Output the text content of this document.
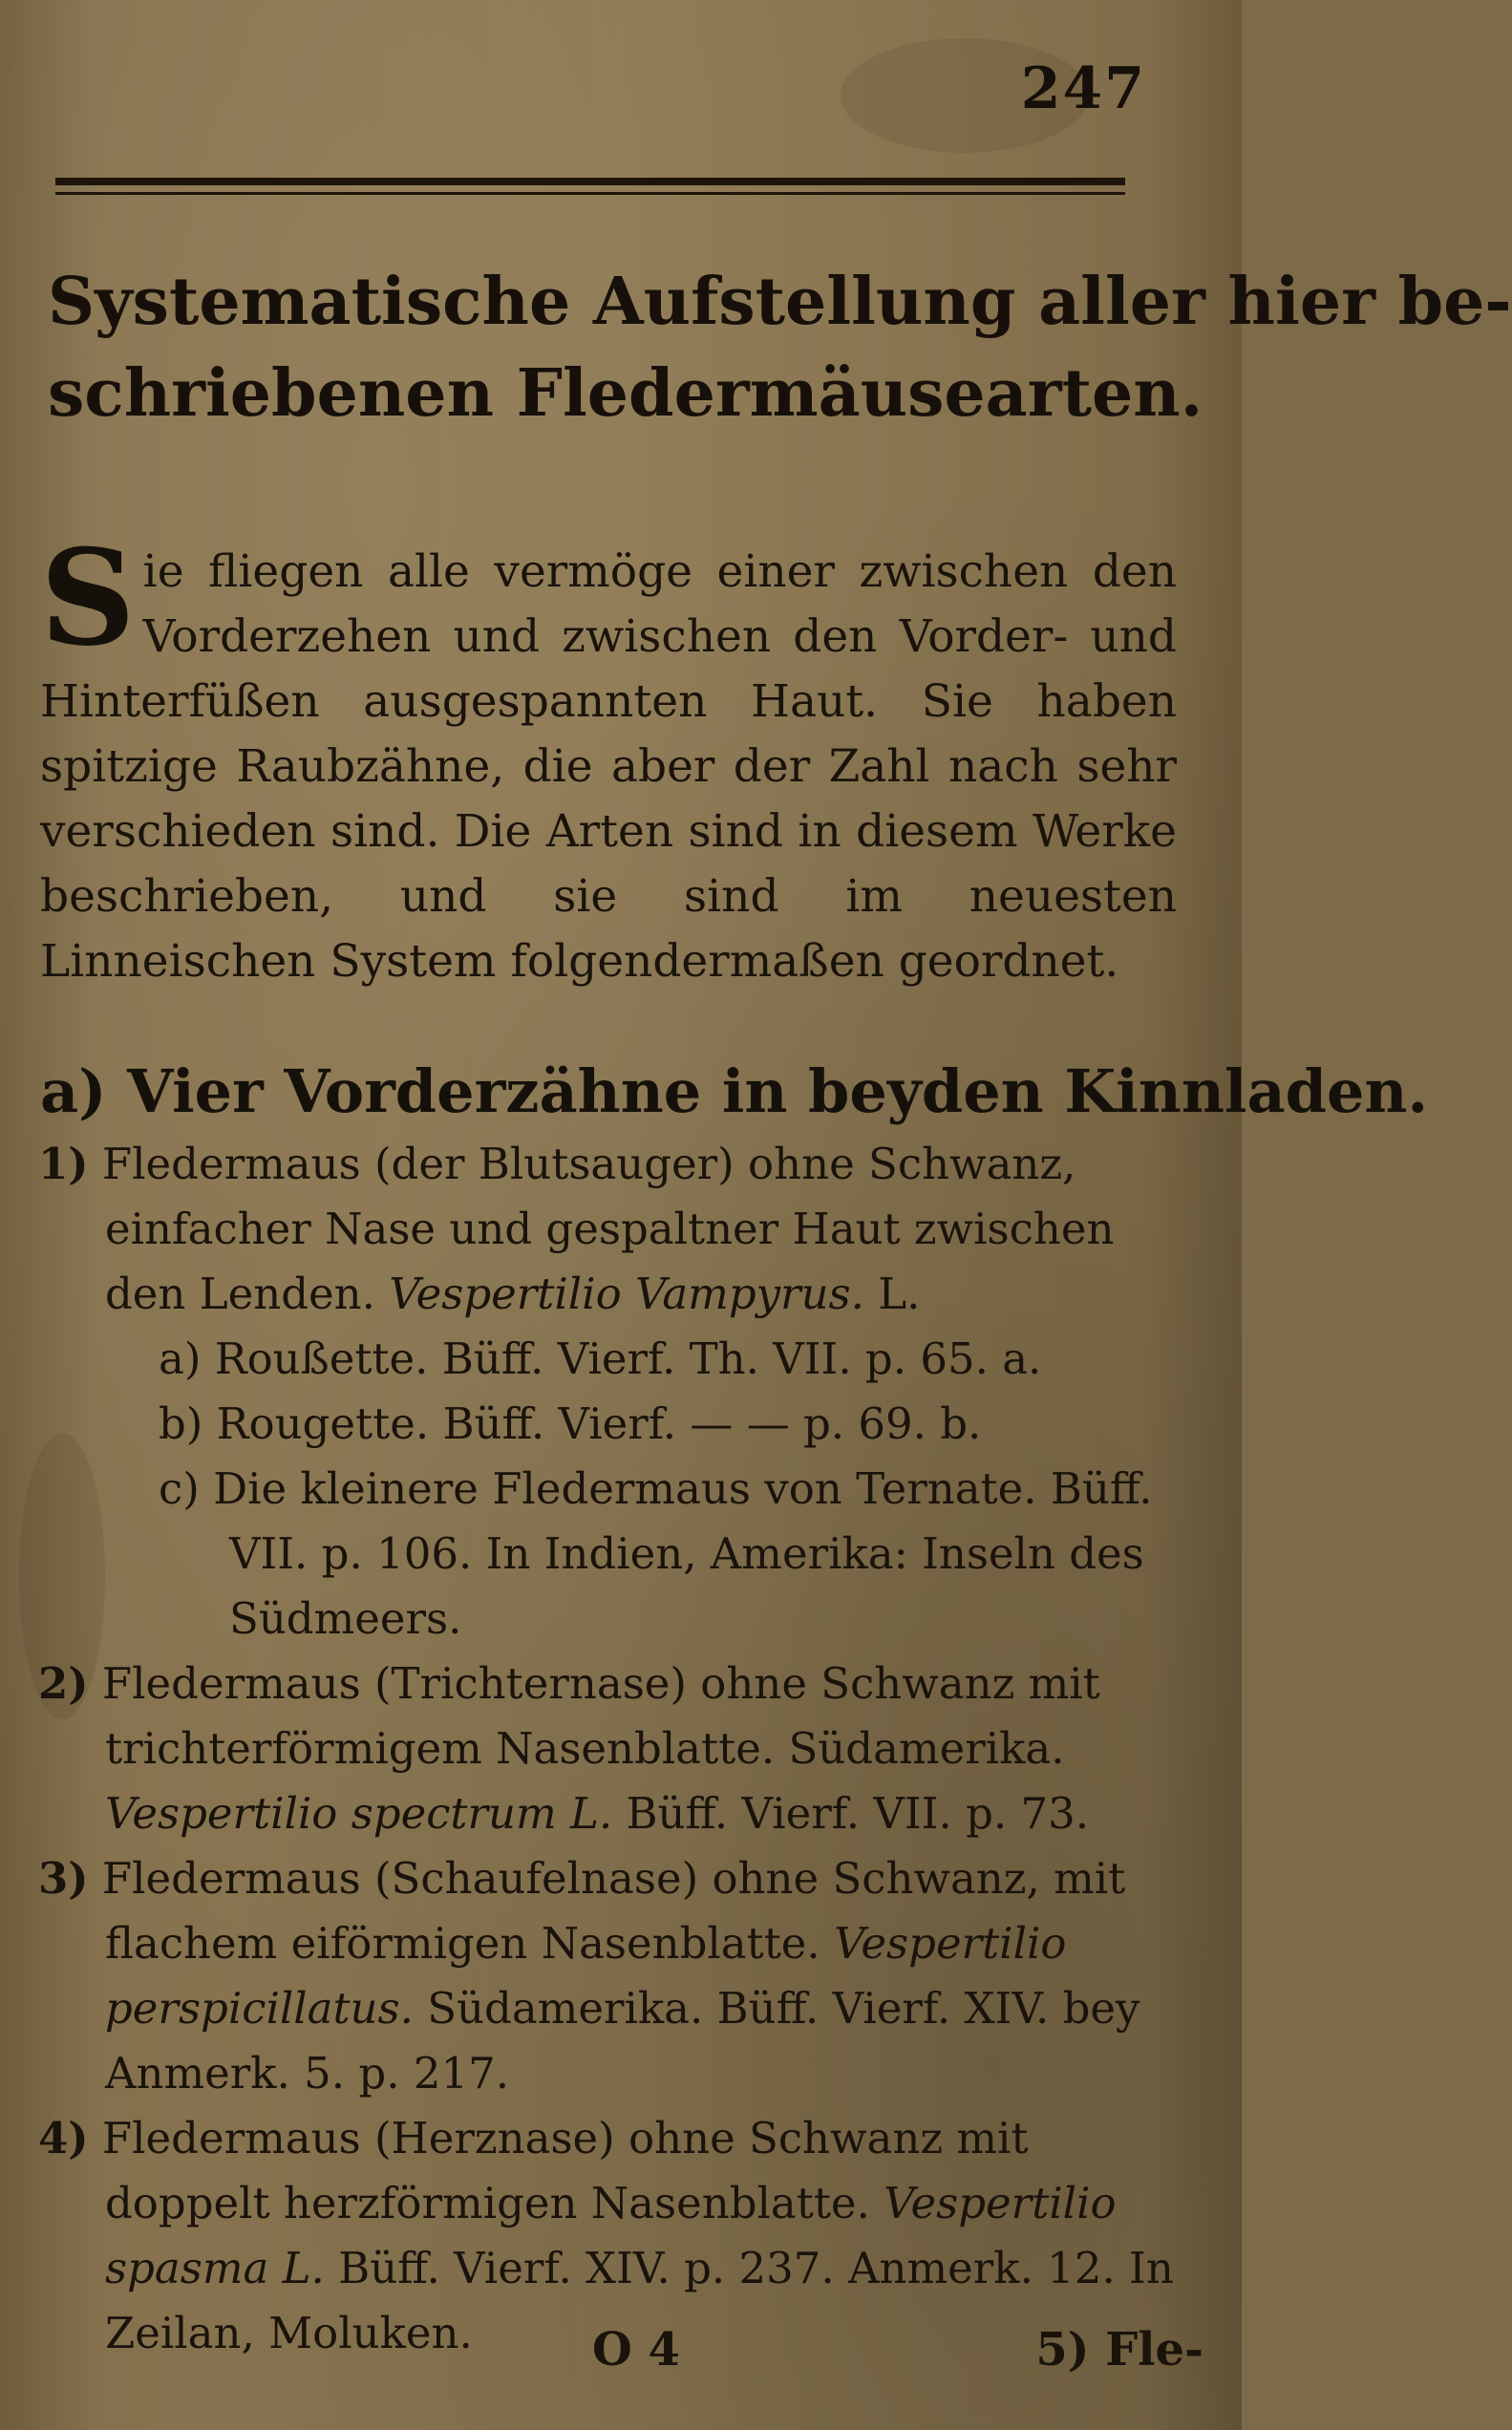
247
Systematische Aufstellung aller hier be-
schriebenen Fledermäusearten.
Sie fliegen alle vermöge einer zwischen den Vorderzehen und zwischen den Vorder- und Hinterfüßen ausgespannten Haut. Sie haben spitzige Raubzähne, die aber der Zahl nach sehr verschieden sind. Die Arten sind in diesem Werke beschrieben, und sie sind im neuesten Linneischen System folgendermaßen geordnet.
a) Vier Vorderzähne in beyden Kinnladen.

1) Fledermaus (der Blutsauger) ohne Schwanz, einfacher Nase und gespaltner Haut zwischen den Lenden. Vespertilio Vampyrus. L.

a) Roußette. Büff. Vierf. Th. VII. p. 65. a.

b) Rougette. Büff. Vierf. — — p. 69. b.

c) Die kleinere Fledermaus von Ternate. Büff. VII. p. 106. In Indien, Amerika: Inseln des Südmeers.

2) Fledermaus (Trichternase) ohne Schwanz mit trichterförmigem Nasenblatte. Südamerika. Vespertilio spectrum L. Büff. Vierf. VII. p. 73.

3) Fledermaus (Schaufelnase) ohne Schwanz, mit flachem eiförmigen Nasenblatte. Vespertilio perspicillatus. Südamerika. Büff. Vierf. XIV. bey Anmerk. 5. p. 217.

4) Fledermaus (Herznase) ohne Schwanz mit doppelt herzförmigen Nasenblatte. Vespertilio spasma L. Büff. Vierf. XIV. p. 237. Anmerk. 12. In Zeilan, Moluken.	O 4	5) Fle-
